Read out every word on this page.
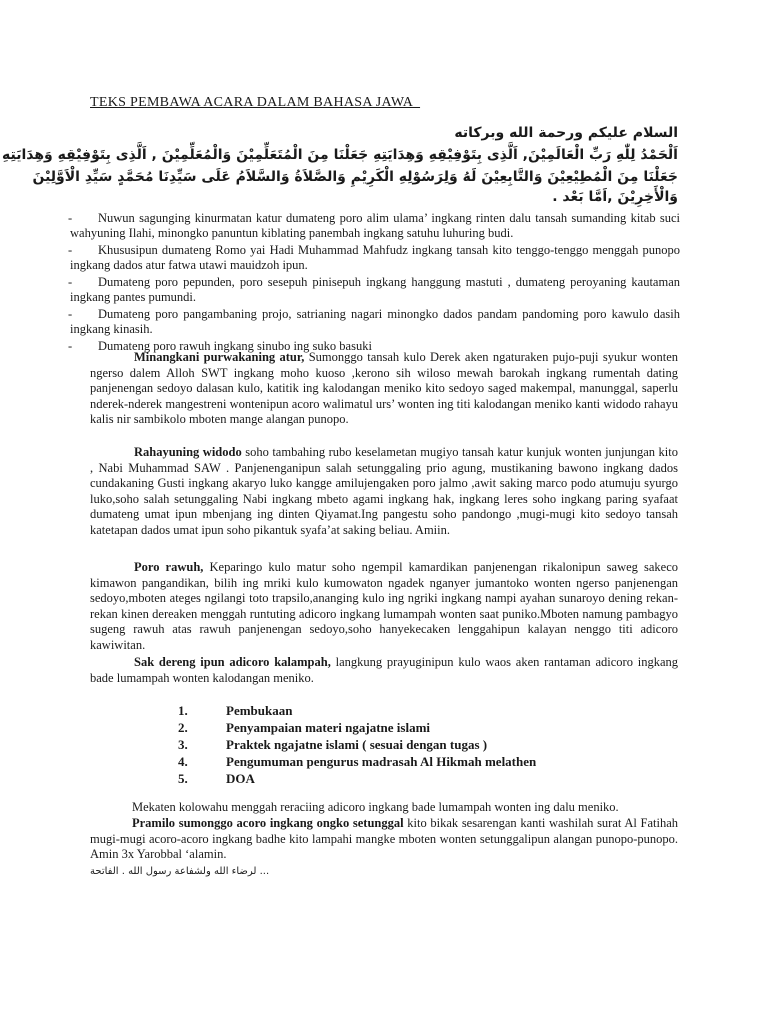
TEKS PEMBAWA ACARA DALAM BAHASA JAWA
السلام عليكم ورحمة الله وبركاته
اَلْحَمْدُ لِلّٰهِ رَبِّ الْعَالَمِيْنَ, اَلَّذِى بِتَوْفِيْقِهِ وَهِدَايَتِهِ جَعَلْنَا مِنَ الْمُتَعَلِّمِيْنَ وَالْمُعَلِّمِيْنَ , اَلَّذِى بِتَوْفِيْقِهِ وَهِدَايَتِهِ
جَعَلْنَا مِنَ الْمُطِيْعِيْنَ وَالتَّابِعِيْنَ لَهُ وَلِرَسُوْلِهِ الْكَرِيْمِ وَالصَّلاَةُ وَالسَّلاَمُ عَلَى سَيِّدِنَا مُحَمَّدٍ سَيِّدِ الْاَوَّلِيْنَ
وَالْأَخِرِيْنَ ,اَمَّا بَعْد .
-	Nuwun sagunging kinurmatan katur dumateng poro alim ulama’ ingkang rinten dalu tansah sumanding kitab suci wahyuning Ilahi, minongko panuntun kiblating panembah ingkang satuhu luhuring budi.
-	Khususipun dumateng Romo yai Hadi Muhammad Mahfudz ingkang tansah kito tenggo-tenggo menggah punopo ingkang dados atur fatwa utawi mauidzoh ipun.
-	Dumateng poro pepunden, poro sesepuh pinisepuh ingkang hanggung mastuti , dumateng peroyaning kautaman ingkang pantes pumundi.
-	Dumateng poro pangambaning projo, satrianing nagari minongko dados pandam pandoming poro kawulo dasih ingkang kinasih.
-	Dumateng poro rawuh ingkang sinubo ing suko basuki

Minangkani purwakaning atur, Sumonggo tansah kulo Derek aken ngaturaken pujo-puji syukur wonten ngerso dalem Alloh SWT ingkang moho kuoso ,kerono sih wiloso mewah barokah ingkang rumentah dating panjenengan sedoyo dalasan kulo, katitik ing kalodangan meniko kito sedoyo saged makempal, manunggal, saperlu nderek-nderek mangestreni wontenipun acoro walimatul urs’ wonten ing titi kalodangan meniko kanti widodo rahayu kalis nir sambikolo mboten mange alangan punopo.

Rahayuning widodo soho tambahing rubo keselametan mugiyo tansah katur kunjuk wonten junjungan kito , Nabi Muhammad SAW . Panjenenganipun salah setunggaling prio agung, mustikaning bawono ingkang dados cundakaning Gusti ingkang akaryo luko kangge amilujengaken poro jalmo ,awit saking marco podo atumuju syurgo luko,soho salah setunggaling Nabi ingkang mbeto agami ingkang hak, ingkang leres soho ingkang paring syafaat dumateng umat ipun mbenjang ing dinten Qiyamat.Ing pangestu soho pandongo ,mugi-mugi kito sedoyo tansah katetapan dados umat ipun soho pikantuk syafa’at saking beliau. Amiin.

Poro rawuh, Keparingo kulo matur soho ngempil kamardikan panjenengan rikalonipun saweg sakeco kimawon pangandikan, bilih ing mriki kulo kumowaton ngadek nganyer jumantoko wonten ngerso panjenengan sedoyo,mboten ateges ngilangi toto trapsilo,ananging kulo ing ngriki ingkang nampi ayahan sunaroyo dening rekan-rekan kinen dereaken menggah runtuting adicoro ingkang lumampah wonten saat puniko.Mboten namung pambagyo sugeng rawuh atas rawuh panjenengan sedoyo,soho hanyekecaken lenggahipun kalayan nenggo titi adicoro kawiwitan.

Sak dereng ipun adicoro kalampah, langkung prayuginipun kulo waos aken rantaman adicoro ingkang bade lumampah wonten kalodangan meniko.

1.	Pembukaan
2.	Penyampaian materi ngajatne islami
3.	Praktek ngajatne islami ( sesuai dengan tugas )
4.	Pengumuman pengurus madrasah Al Hikmah melathen
5.	DOA

Mekaten kolowahu menggah reraciing adicoro ingkang bade lumampah wonten ing dalu meniko.

Pramilo sumonggo acoro ingkang ongko setunggal kito bikak sesarengan kanti washilah surat Al Fatihah mugi-mugi acoro-acoro ingkang badhe kito lampahi mangke mboten wonten setunggalipun alangan punopo-punopo. Amin 3x Yarobbal ‘alamin.

... لرضاء الله ولشفاعة رسول الله . الفاتحة
